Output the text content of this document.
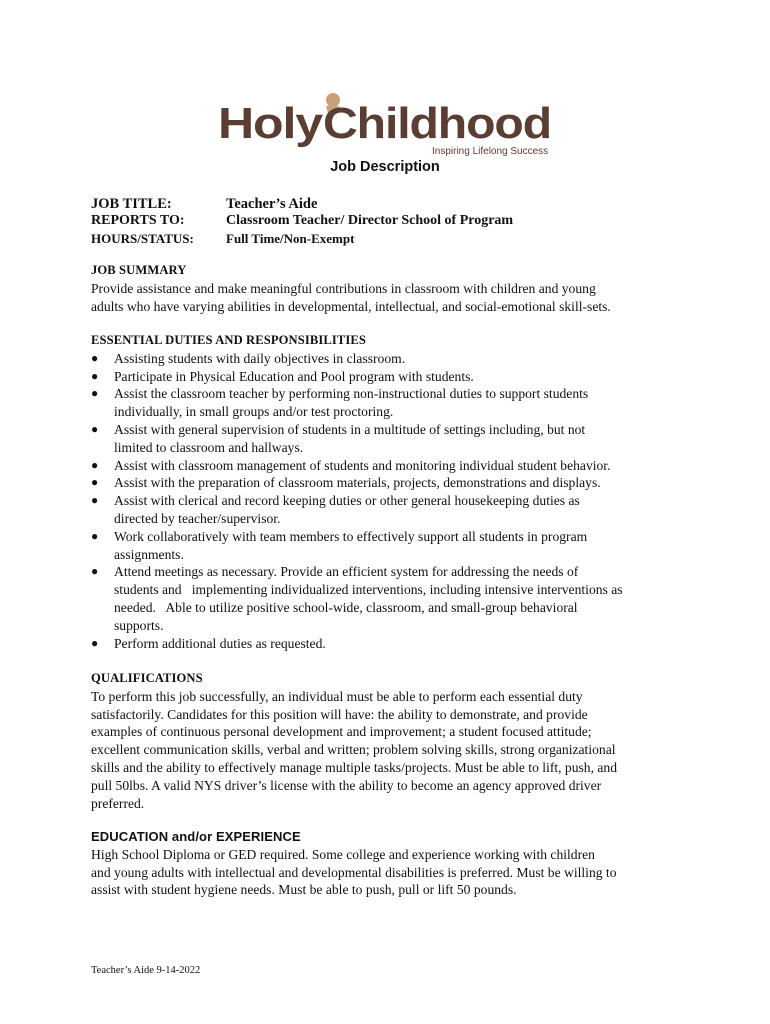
Holy Childhood
Inspiring Lifelong Success
Job Description
JOB TITLE:	Teacher’s Aide
REPORTS TO:	Classroom Teacher/ Director School of Program
HOURS/STATUS: Full Time/Non-Exempt
JOB SUMMARY
Provide assistance and make meaningful contributions in classroom with children and young
adults who have varying abilities in developmental, intellectual, and social-emotional skill-sets.
ESSENTIAL DUTIES AND RESPONSIBILITIES
● Assisting students with daily objectives in classroom.
● Participate in Physical Education and Pool program with students.
● Assist the classroom teacher by performing non-instructional duties to support students
individually, in small groups and/or test proctoring.
● Assist with general supervision of students in a multitude of settings including, but not
limited to classroom and hallways.
● Assist with classroom management of students and monitoring individual student behavior.
● Assist with the preparation of classroom materials, projects, demonstrations and displays.
● Assist with clerical and record keeping duties or other general housekeeping duties as
directed by teacher/supervisor.
● Work collaboratively with team members to effectively support all students in program
assignments.
● Attend meetings as necessary. Provide an efficient system for addressing the needs of
students and   implementing individualized interventions, including intensive interventions as
needed.   Able to utilize positive school-wide, classroom, and small-group behavioral
supports.
● Perform additional duties as requested.
QUALIFICATIONS
To perform this job successfully, an individual must be able to perform each essential duty
satisfactorily. Candidates for this position will have: the ability to demonstrate, and provide
examples of continuous personal development and improvement; a student focused attitude;
excellent communication skills, verbal and written; problem solving skills, strong organizational
skills and the ability to effectively manage multiple tasks/projects. Must be able to lift, push, and
pull 50lbs. A valid NYS driver’s license with the ability to become an agency approved driver
preferred.
EDUCATION and/or EXPERIENCE
High School Diploma or GED required. Some college and experience working with children
and young adults with intellectual and developmental disabilities is preferred. Must be willing to
assist with student hygiene needs. Must be able to push, pull or lift 50 pounds.
Teacher’s Aide 9-14-2022
